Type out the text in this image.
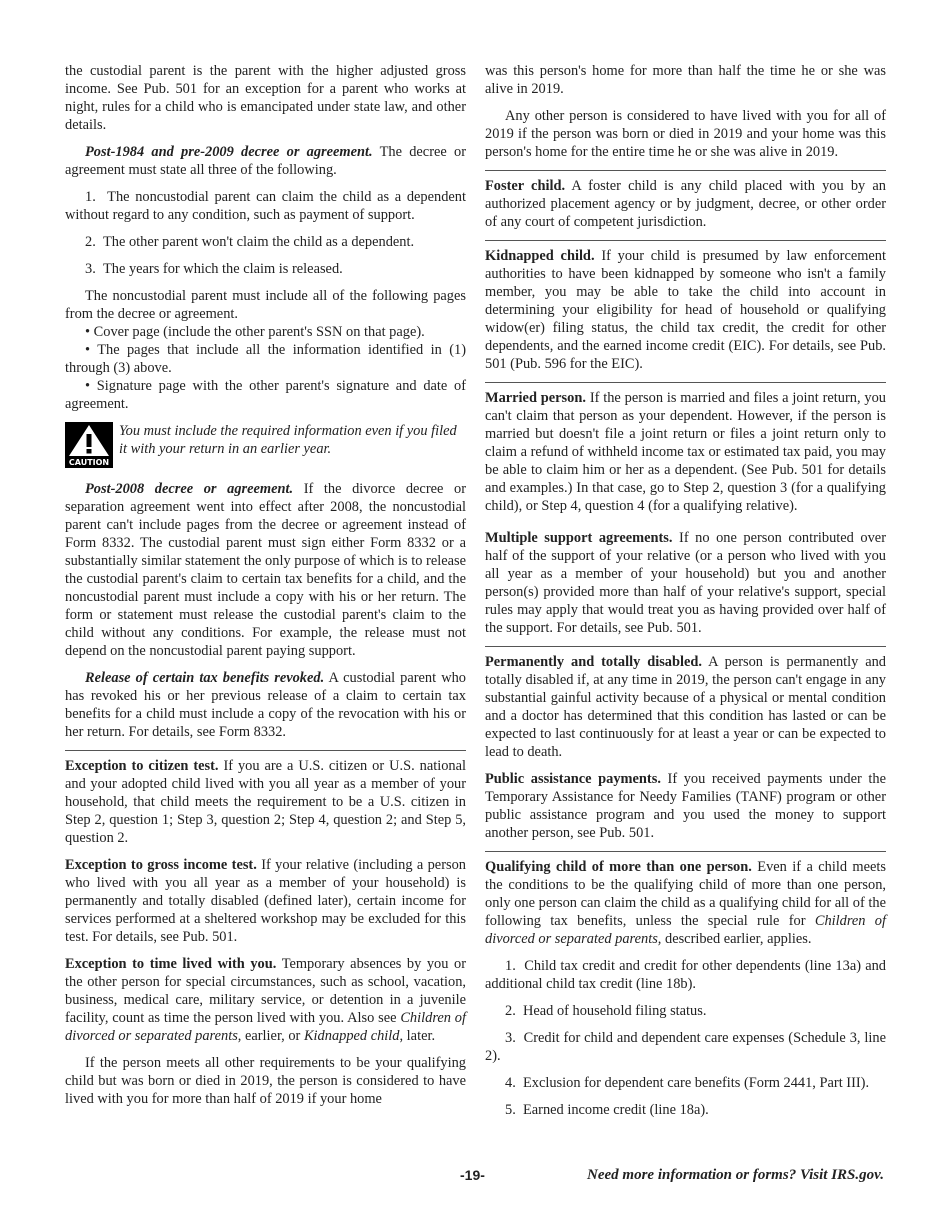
the custodial parent is the parent with the higher adjusted gross income. See Pub. 501 for an exception for a parent who works at night, rules for a child who is emancipated under state law, and other details.

Post-1984 and pre-2009 decree or agreement. The decree or agreement must state all three of the following.

1.  The noncustodial parent can claim the child as a dependent without regard to any condition, such as payment of support.

2.  The other parent won't claim the child as a dependent.

3.  The years for which the claim is released.

The noncustodial parent must include all of the following pages from the decree or agreement.

• Cover page (include the other parent's SSN on that page).

• The pages that include all the information identified in (1) through (3) above.

• Signature page with the other parent's signature and date of agreement.

CAUTION
You must include the required information even if you filed it with your return in an earlier year.

Post-2008 decree or agreement. If the divorce decree or separation agreement went into effect after 2008, the noncustodial parent can't include pages from the decree or agreement instead of Form 8332. The custodial parent must sign either Form 8332 or a substantially similar statement the only purpose of which is to release the custodial parent's claim to certain tax benefits for a child, and the noncustodial parent must include a copy with his or her return. The form or statement must release the custodial parent's claim to the child without any conditions. For example, the release must not depend on the noncustodial parent paying support.

Release of certain tax benefits revoked. A custodial parent who has revoked his or her previous release of a claim to certain tax benefits for a child must include a copy of the revocation with his or her return. For details, see Form 8332.

Exception to citizen test. If you are a U.S. citizen or U.S. national and your adopted child lived with you all year as a member of your household, that child meets the requirement to be a U.S. citizen in Step 2, question 1; Step 3, question 2; Step 4, question 2; and Step 5, question 2.

Exception to gross income test. If your relative (including a person who lived with you all year as a member of your household) is permanently and totally disabled (defined later), certain income for services performed at a sheltered workshop may be excluded for this test. For details, see Pub. 501.

Exception to time lived with you. Temporary absences by you or the other person for special circumstances, such as school, vacation, business, medical care, military service, or detention in a juvenile facility, count as time the person lived with you. Also see Children of divorced or separated parents, earlier, or Kidnapped child, later.

If the person meets all other requirements to be your qualifying child but was born or died in 2019, the person is considered to have lived with you for more than half of 2019 if your home

was this person's home for more than half the time he or she was alive in 2019.

Any other person is considered to have lived with you for all of 2019 if the person was born or died in 2019 and your home was this person's home for the entire time he or she was alive in 2019.

Foster child. A foster child is any child placed with you by an authorized placement agency or by judgment, decree, or other order of any court of competent jurisdiction.

Kidnapped child. If your child is presumed by law enforcement authorities to have been kidnapped by someone who isn't a family member, you may be able to take the child into account in determining your eligibility for head of household or qualifying widow(er) filing status, the child tax credit, the credit for other dependents, and the earned income credit (EIC). For details, see Pub. 501 (Pub. 596 for the EIC).

Married person. If the person is married and files a joint return, you can't claim that person as your dependent. However, if the person is married but doesn't file a joint return or files a joint return only to claim a refund of withheld income tax or estimated tax paid, you may be able to claim him or her as a dependent. (See Pub. 501 for details and examples.) In that case, go to Step 2, question 3 (for a qualifying child), or Step 4, question 4 (for a qualifying relative).

Multiple support agreements. If no one person contributed over half of the support of your relative (or a person who lived with you all year as a member of your household) but you and another person(s) provided more than half of your relative's support, special rules may apply that would treat you as having provided over half of the support. For details, see Pub. 501.

Permanently and totally disabled. A person is permanently and totally disabled if, at any time in 2019, the person can't engage in any substantial gainful activity because of a physical or mental condition and a doctor has determined that this condition has lasted or can be expected to last continuously for at least a year or can be expected to lead to death.

Public assistance payments. If you received payments under the Temporary Assistance for Needy Families (TANF) program or other public assistance program and you used the money to support another person, see Pub. 501.

Qualifying child of more than one person. Even if a child meets the conditions to be the qualifying child of more than one person, only one person can claim the child as a qualifying child for all of the following tax benefits, unless the special rule for Children of divorced or separated parents, described earlier, applies.

1.  Child tax credit and credit for other dependents (line 13a) and additional child tax credit (line 18b).

2.  Head of household filing status.

3.  Credit for child and dependent care expenses (Schedule 3, line 2).

4.  Exclusion for dependent care benefits (Form 2441, Part III).

5.  Earned income credit (line 18a).

-19-	Need more information or forms? Visit IRS.gov.
